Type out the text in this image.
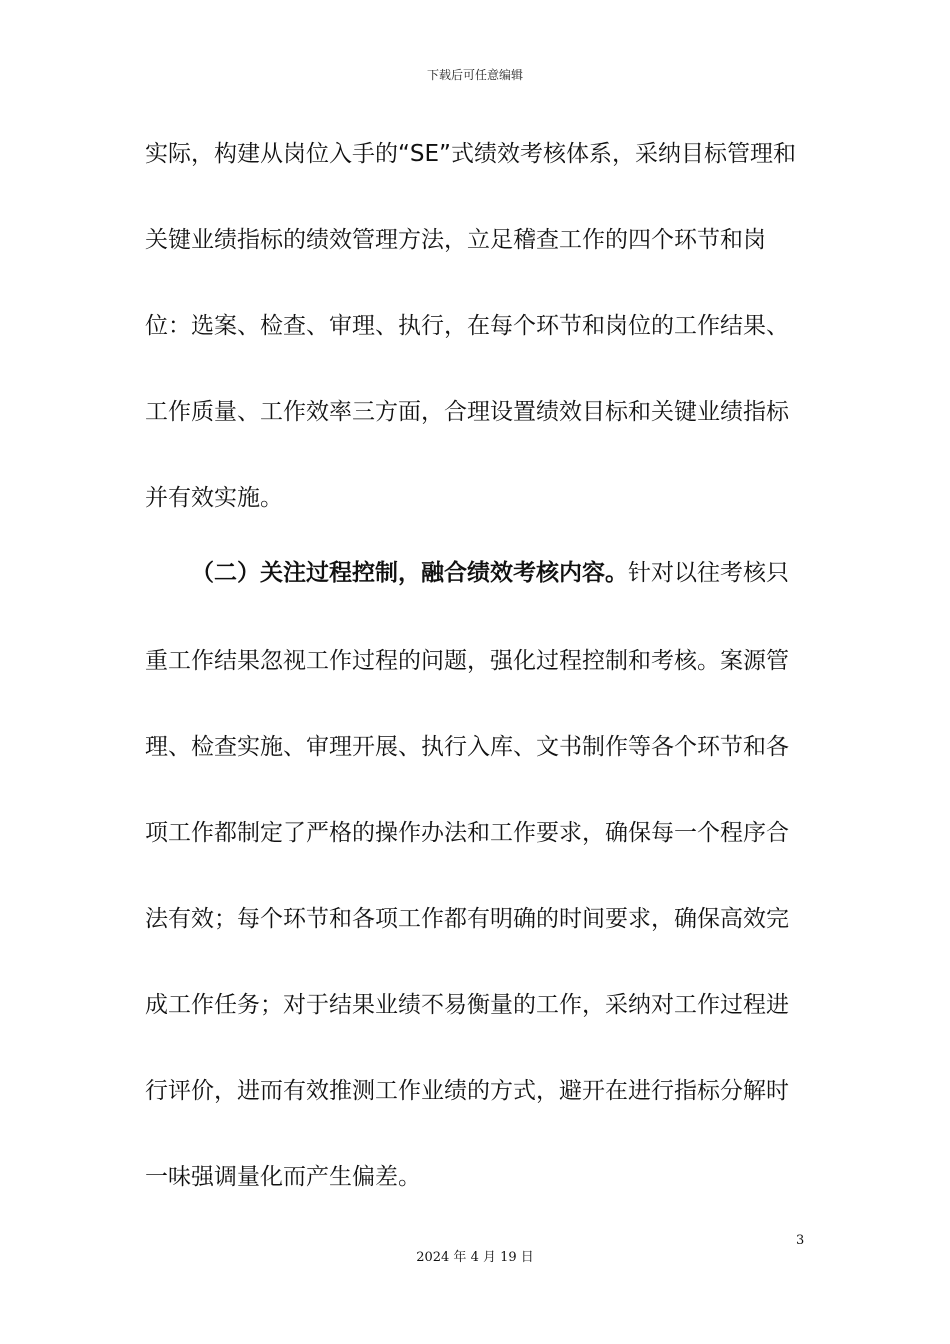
下载后可任意编辑
实际，构建从岗位入手的“SE”式绩效考核体系，采纳目标管理和
关键业绩指标的绩效管理方法，立足稽查工作的四个环节和岗
位：选案、检查、审理、执行，在每个环节和岗位的工作结果、
工作质量、工作效率三方面，合理设置绩效目标和关键业绩指标
并有效实施。
（二）关注过程控制，融合绩效考核内容。针对以往考核只
重工作结果忽视工作过程的问题，强化过程控制和考核。案源管
理、检查实施、审理开展、执行入库、文书制作等各个环节和各
项工作都制定了严格的操作办法和工作要求，确保每一个程序合
法有效；每个环节和各项工作都有明确的时间要求，确保高效完
成工作任务；对于结果业绩不易衡量的工作，采纳对工作过程进
行评价，进而有效推测工作业绩的方式，避开在进行指标分解时
一味强调量化而产生偏差。
3
2024 年 4 月 19 日
